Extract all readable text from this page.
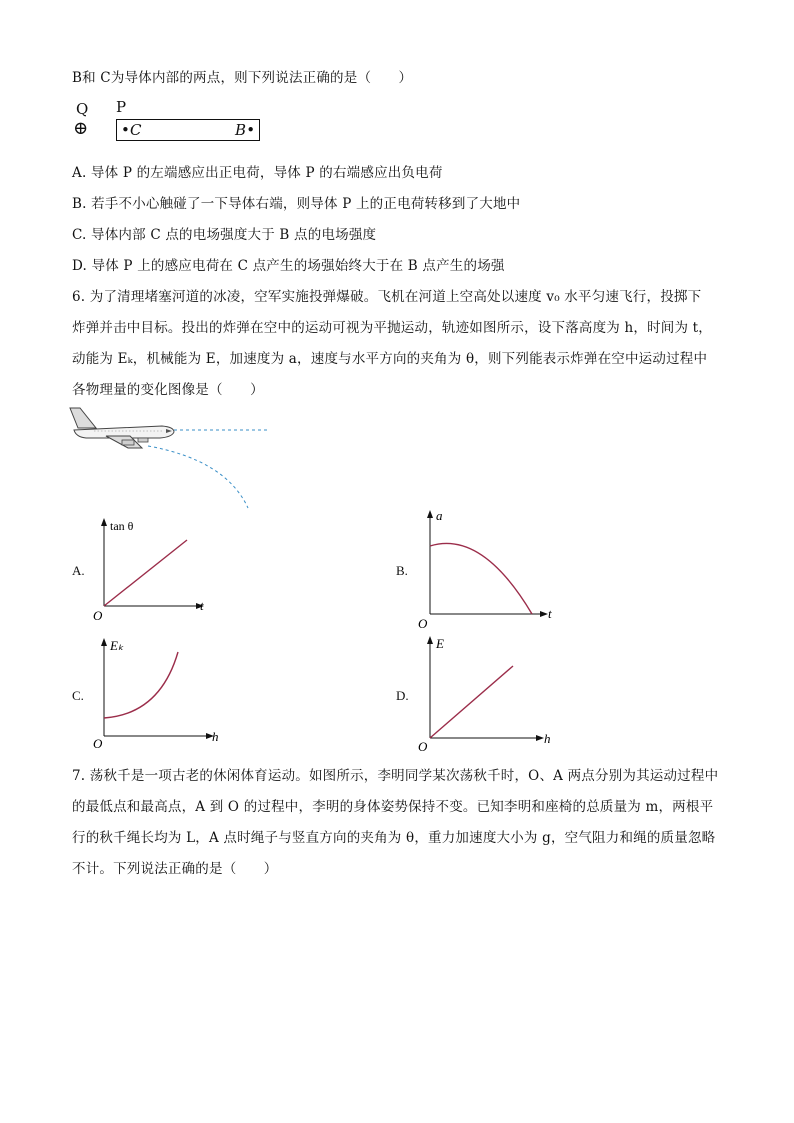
B和 C为导体内部的两点，则下列说法正确的是（　　）
Q P
⊕ •C	B•
A. 导体 P 的左端感应出正电荷，导体 P 的右端感应出负电荷
B. 若手不小心触碰了一下导体右端，则导体 P 上的正电荷转移到了大地中
C. 导体内部 C 点的电场强度大于 B 点的电场强度
D. 导体 P 上的感应电荷在 C 点产生的场强始终大于在 B 点产生的场强
6. 为了清理堵塞河道的冰凌，空军实施投弹爆破。飞机在河道上空高处以速度 v₀ 水平匀速飞行，投掷下
炸弹并击中目标。投出的炸弹在空中的运动可视为平抛运动，轨迹如图所示，设下落高度为 h，时间为 t，
动能为 Eₖ，机械能为 E，加速度为 a，速度与水平方向的夹角为 θ，则下列能表示炸弹在空中运动过程中
各物理量的变化图像是（　　）
A.
tan θ
t
O
B.
a
t
O
C.
Eₖ
h
O
D.
E
h
O
7. 荡秋千是一项古老的休闲体育运动。如图所示，李明同学某次荡秋千时，O、A 两点分别为其运动过程中
的最低点和最高点，A 到 O 的过程中，李明的身体姿势保持不变。已知李明和座椅的总质量为 m，两根平
行的秋千绳长均为 L，A 点时绳子与竖直方向的夹角为 θ，重力加速度大小为 g，空气阻力和绳的质量忽略
不计。下列说法正确的是（　　）
